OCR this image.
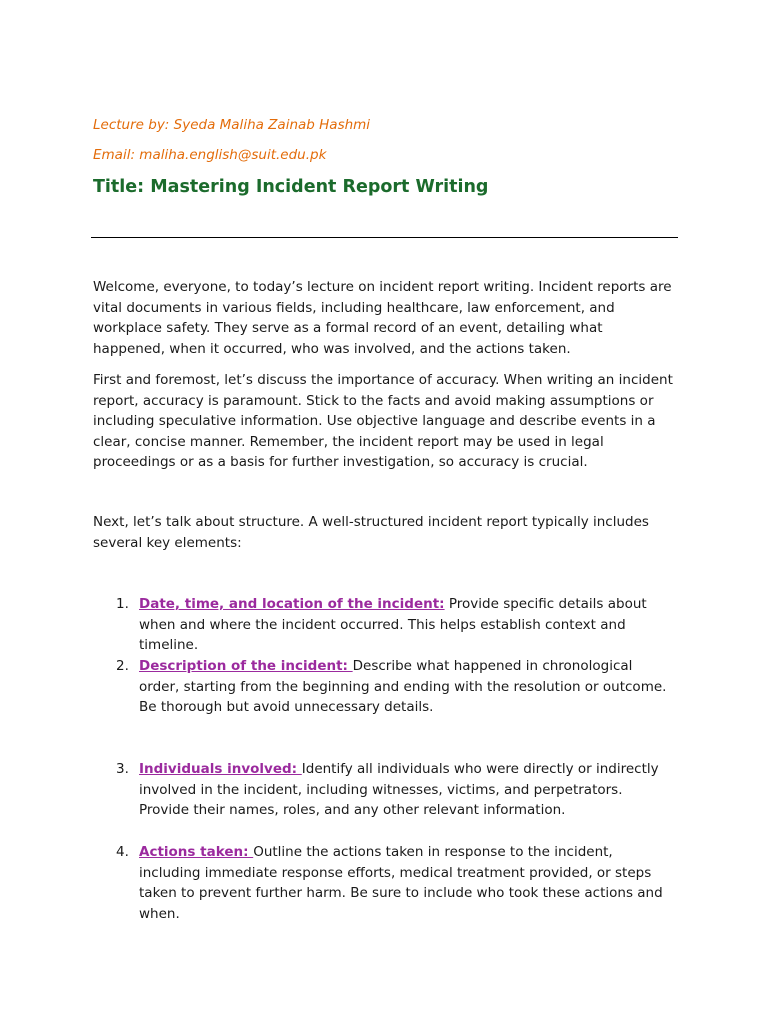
Lecture by: Syeda Maliha Zainab Hashmi
Email: maliha.english@suit.edu.pk
Title: Mastering Incident Report Writing

Welcome, everyone, to today’s lecture on incident report writing. Incident reports are vital documents in various fields, including healthcare, law enforcement, and workplace safety. They serve as a formal record of an event, detailing what happened, when it occurred, who was involved, and the actions taken.

First and foremost, let’s discuss the importance of accuracy. When writing an incident report, accuracy is paramount. Stick to the facts and avoid making assumptions or including speculative information. Use objective language and describe events in a clear, concise manner. Remember, the incident report may be used in legal proceedings or as a basis for further investigation, so accuracy is crucial.

Next, let’s talk about structure. A well-structured incident report typically includes several key elements:

1. Date, time, and location of the incident: Provide specific details about when and where the incident occurred. This helps establish context and timeline.
2. Description of the incident: Describe what happened in chronological order, starting from the beginning and ending with the resolution or outcome. Be thorough but avoid unnecessary details.
3. Individuals involved: Identify all individuals who were directly or indirectly involved in the incident, including witnesses, victims, and perpetrators. Provide their names, roles, and any other relevant information.
4. Actions taken: Outline the actions taken in response to the incident, including immediate response efforts, medical treatment provided, or steps taken to prevent further harm. Be sure to include who took these actions and when.
